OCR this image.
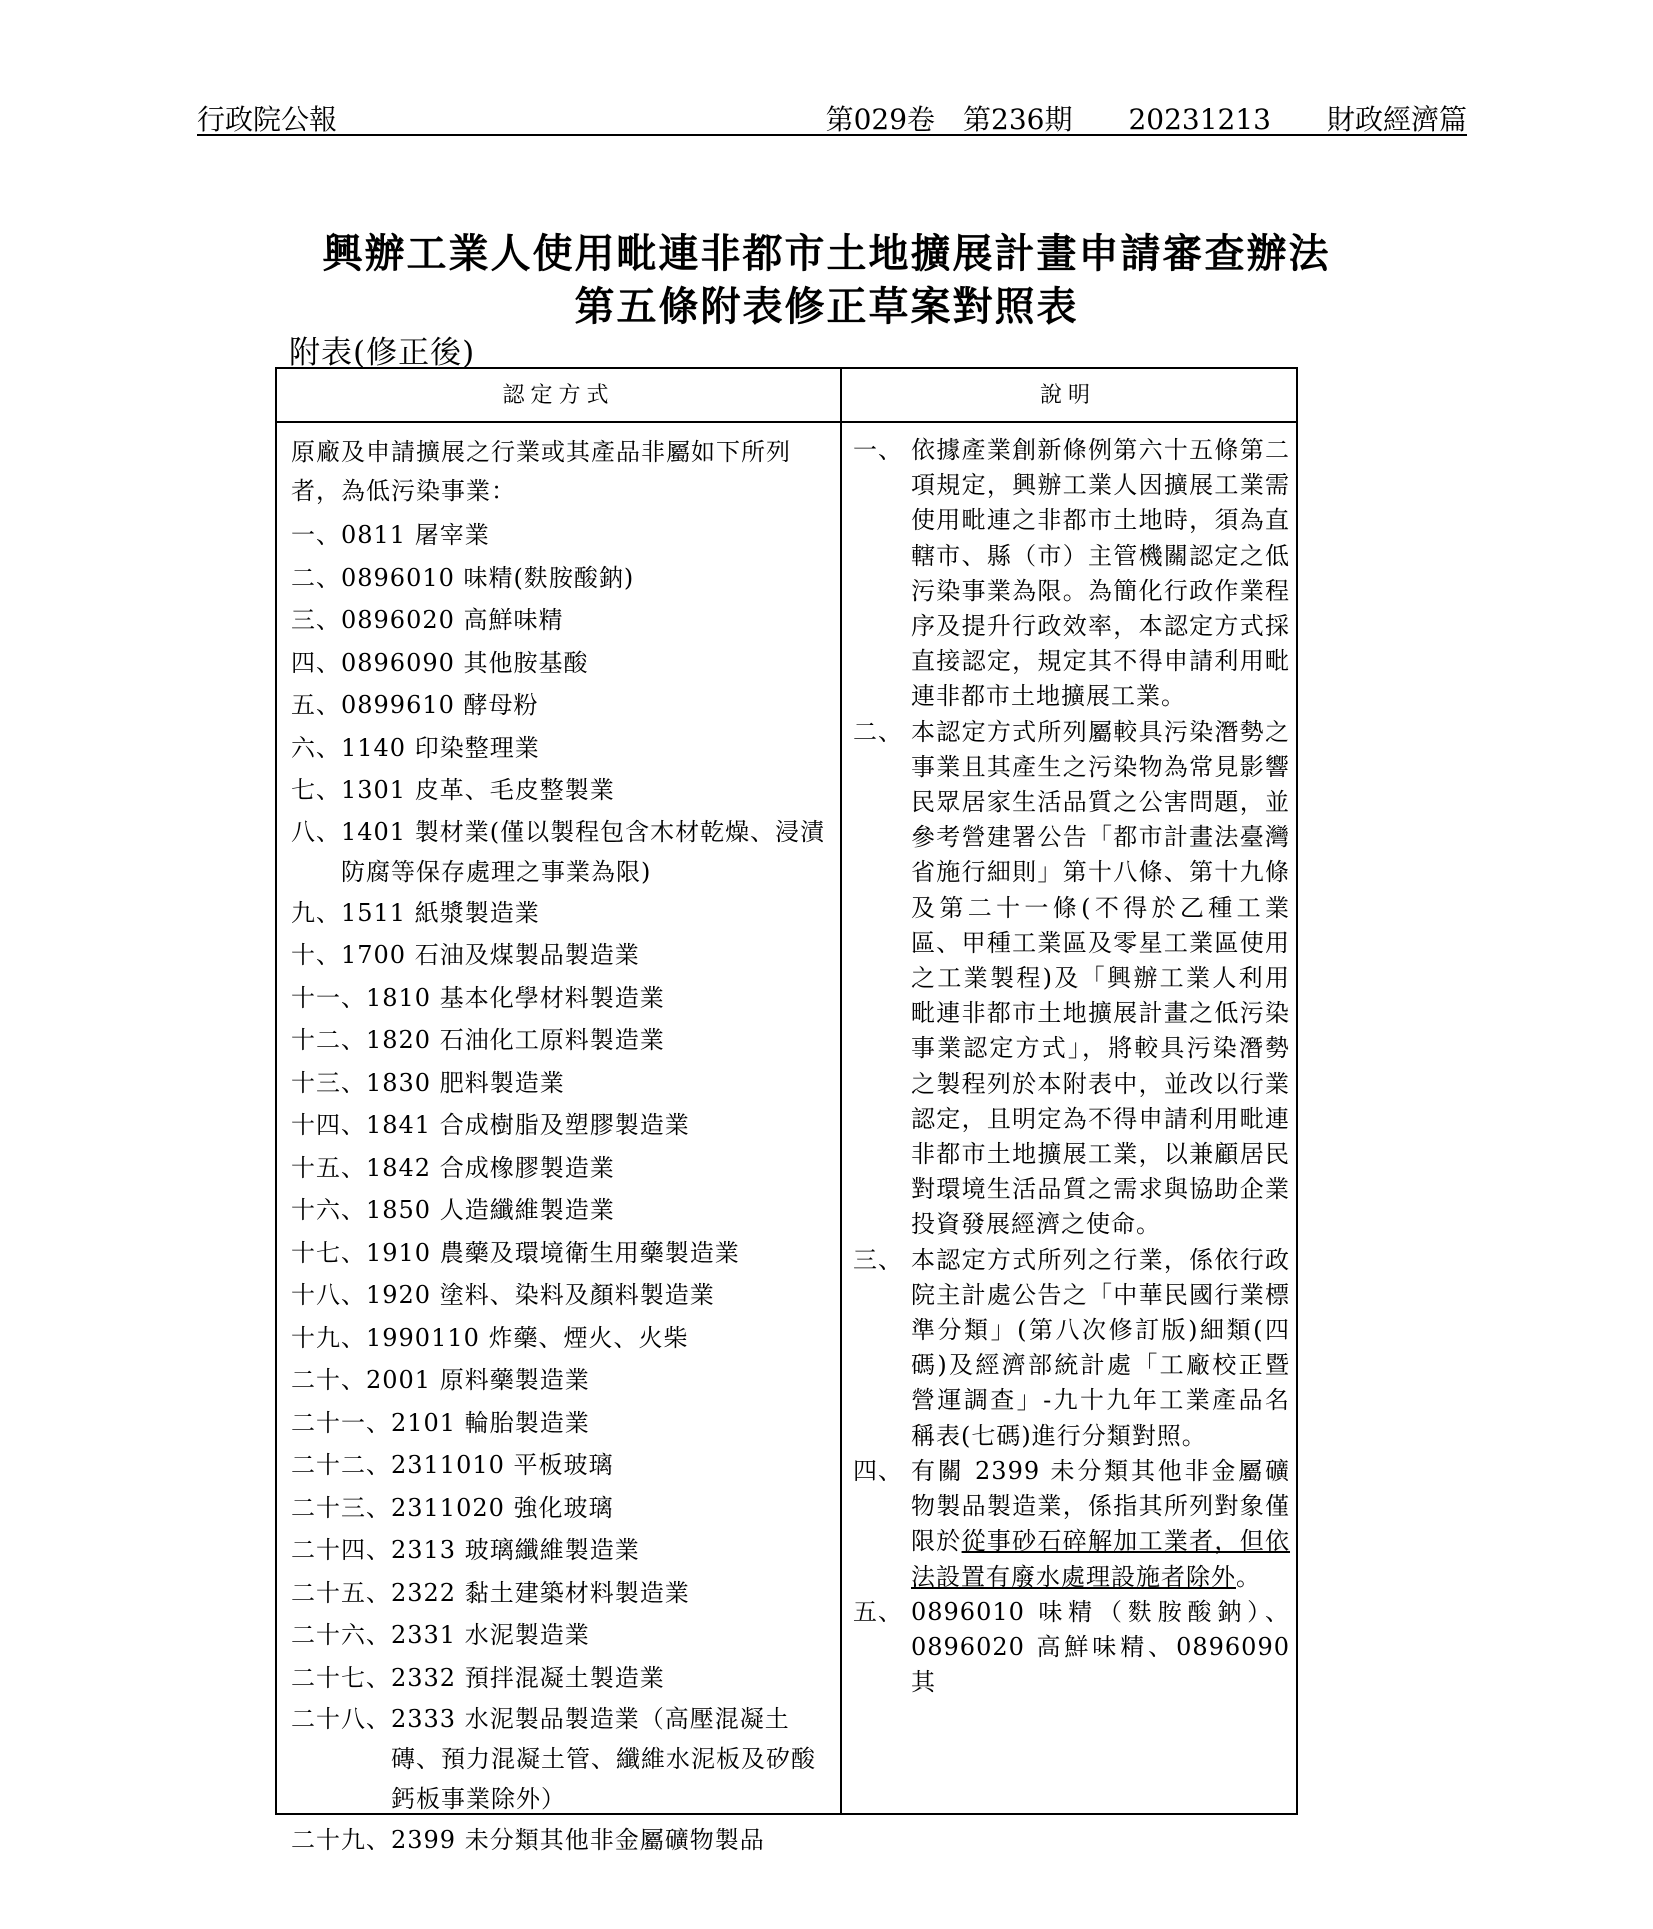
行政院公報	第029卷　第236期　　20231213　　財政經濟篇
興辦工業人使用毗連非都市土地擴展計畫申請審查辦法
第五條附表修正草案對照表
附表(修正後)
認定方式	說明
原廠及申請擴展之行業或其產品非屬如下所列者，為低污染事業：
一、 0811 屠宰業
二、 0896010 味精(麩胺酸鈉)
三、 0896020 高鮮味精
四、 0896090 其他胺基酸
五、 0899610 酵母粉
六、 1140 印染整理業
七、 1301 皮革、毛皮整製業
八、 1401 製材業(僅以製程包含木材乾燥、浸漬防腐等保存處理之事業為限)
九、 1511 紙漿製造業
十、 1700 石油及煤製品製造業
十一、 1810 基本化學材料製造業
十二、 1820 石油化工原料製造業
十三、 1830 肥料製造業
十四、 1841 合成樹脂及塑膠製造業
十五、 1842 合成橡膠製造業
十六、 1850 人造纖維製造業
十七、 1910 農藥及環境衛生用藥製造業
十八、 1920 塗料、染料及顏料製造業
十九、 1990110 炸藥、煙火、火柴
二十、 2001 原料藥製造業
二十一、 2101 輪胎製造業
二十二、 2311010 平板玻璃
二十三、 2311020 強化玻璃
二十四、 2313 玻璃纖維製造業
二十五、 2322 黏土建築材料製造業
二十六、 2331 水泥製造業
二十七、 2332 預拌混凝土製造業
二十八、 2333 水泥製品製造業（高壓混凝土磚、預力混凝土管、纖維水泥板及矽酸鈣板事業除外）
二十九、 2399 未分類其他非金屬礦物製品
一、 依據產業創新條例第六十五條第二項規定，興辦工業人因擴展工業需使用毗連之非都市土地時，須為直轄市、縣（市）主管機關認定之低污染事業為限。為簡化行政作業程序及提升行政效率，本認定方式採直接認定，規定其不得申請利用毗連非都市土地擴展工業。
二、 本認定方式所列屬較具污染潛勢之事業且其產生之污染物為常見影響民眾居家生活品質之公害問題，並參考營建署公告「都市計畫法臺灣省施行細則」第十八條、第十九條及第二十一條(不得於乙種工業區、甲種工業區及零星工業區使用之工業製程)及「興辦工業人利用毗連非都市土地擴展計畫之低污染事業認定方式」，將較具污染潛勢之製程列於本附表中，並改以行業認定，且明定為不得申請利用毗連非都市土地擴展工業，以兼顧居民對環境生活品質之需求與協助企業投資發展經濟之使命。
三、 本認定方式所列之行業，係依行政院主計處公告之「中華民國行業標準分類」(第八次修訂版)細類(四碼)及經濟部統計處「工廠校正暨營運調查」-九十九年工業產品名稱表(七碼)進行分類對照。
四、 有關 2399 未分類其他非金屬礦物製品製造業，係指其所列對象僅限於從事砂石碎解加工業者，但依法設置有廢水處理設施者除外。
五、 0896010 味精（麩胺酸鈉）、0896020 高鮮味精、0896090 其
